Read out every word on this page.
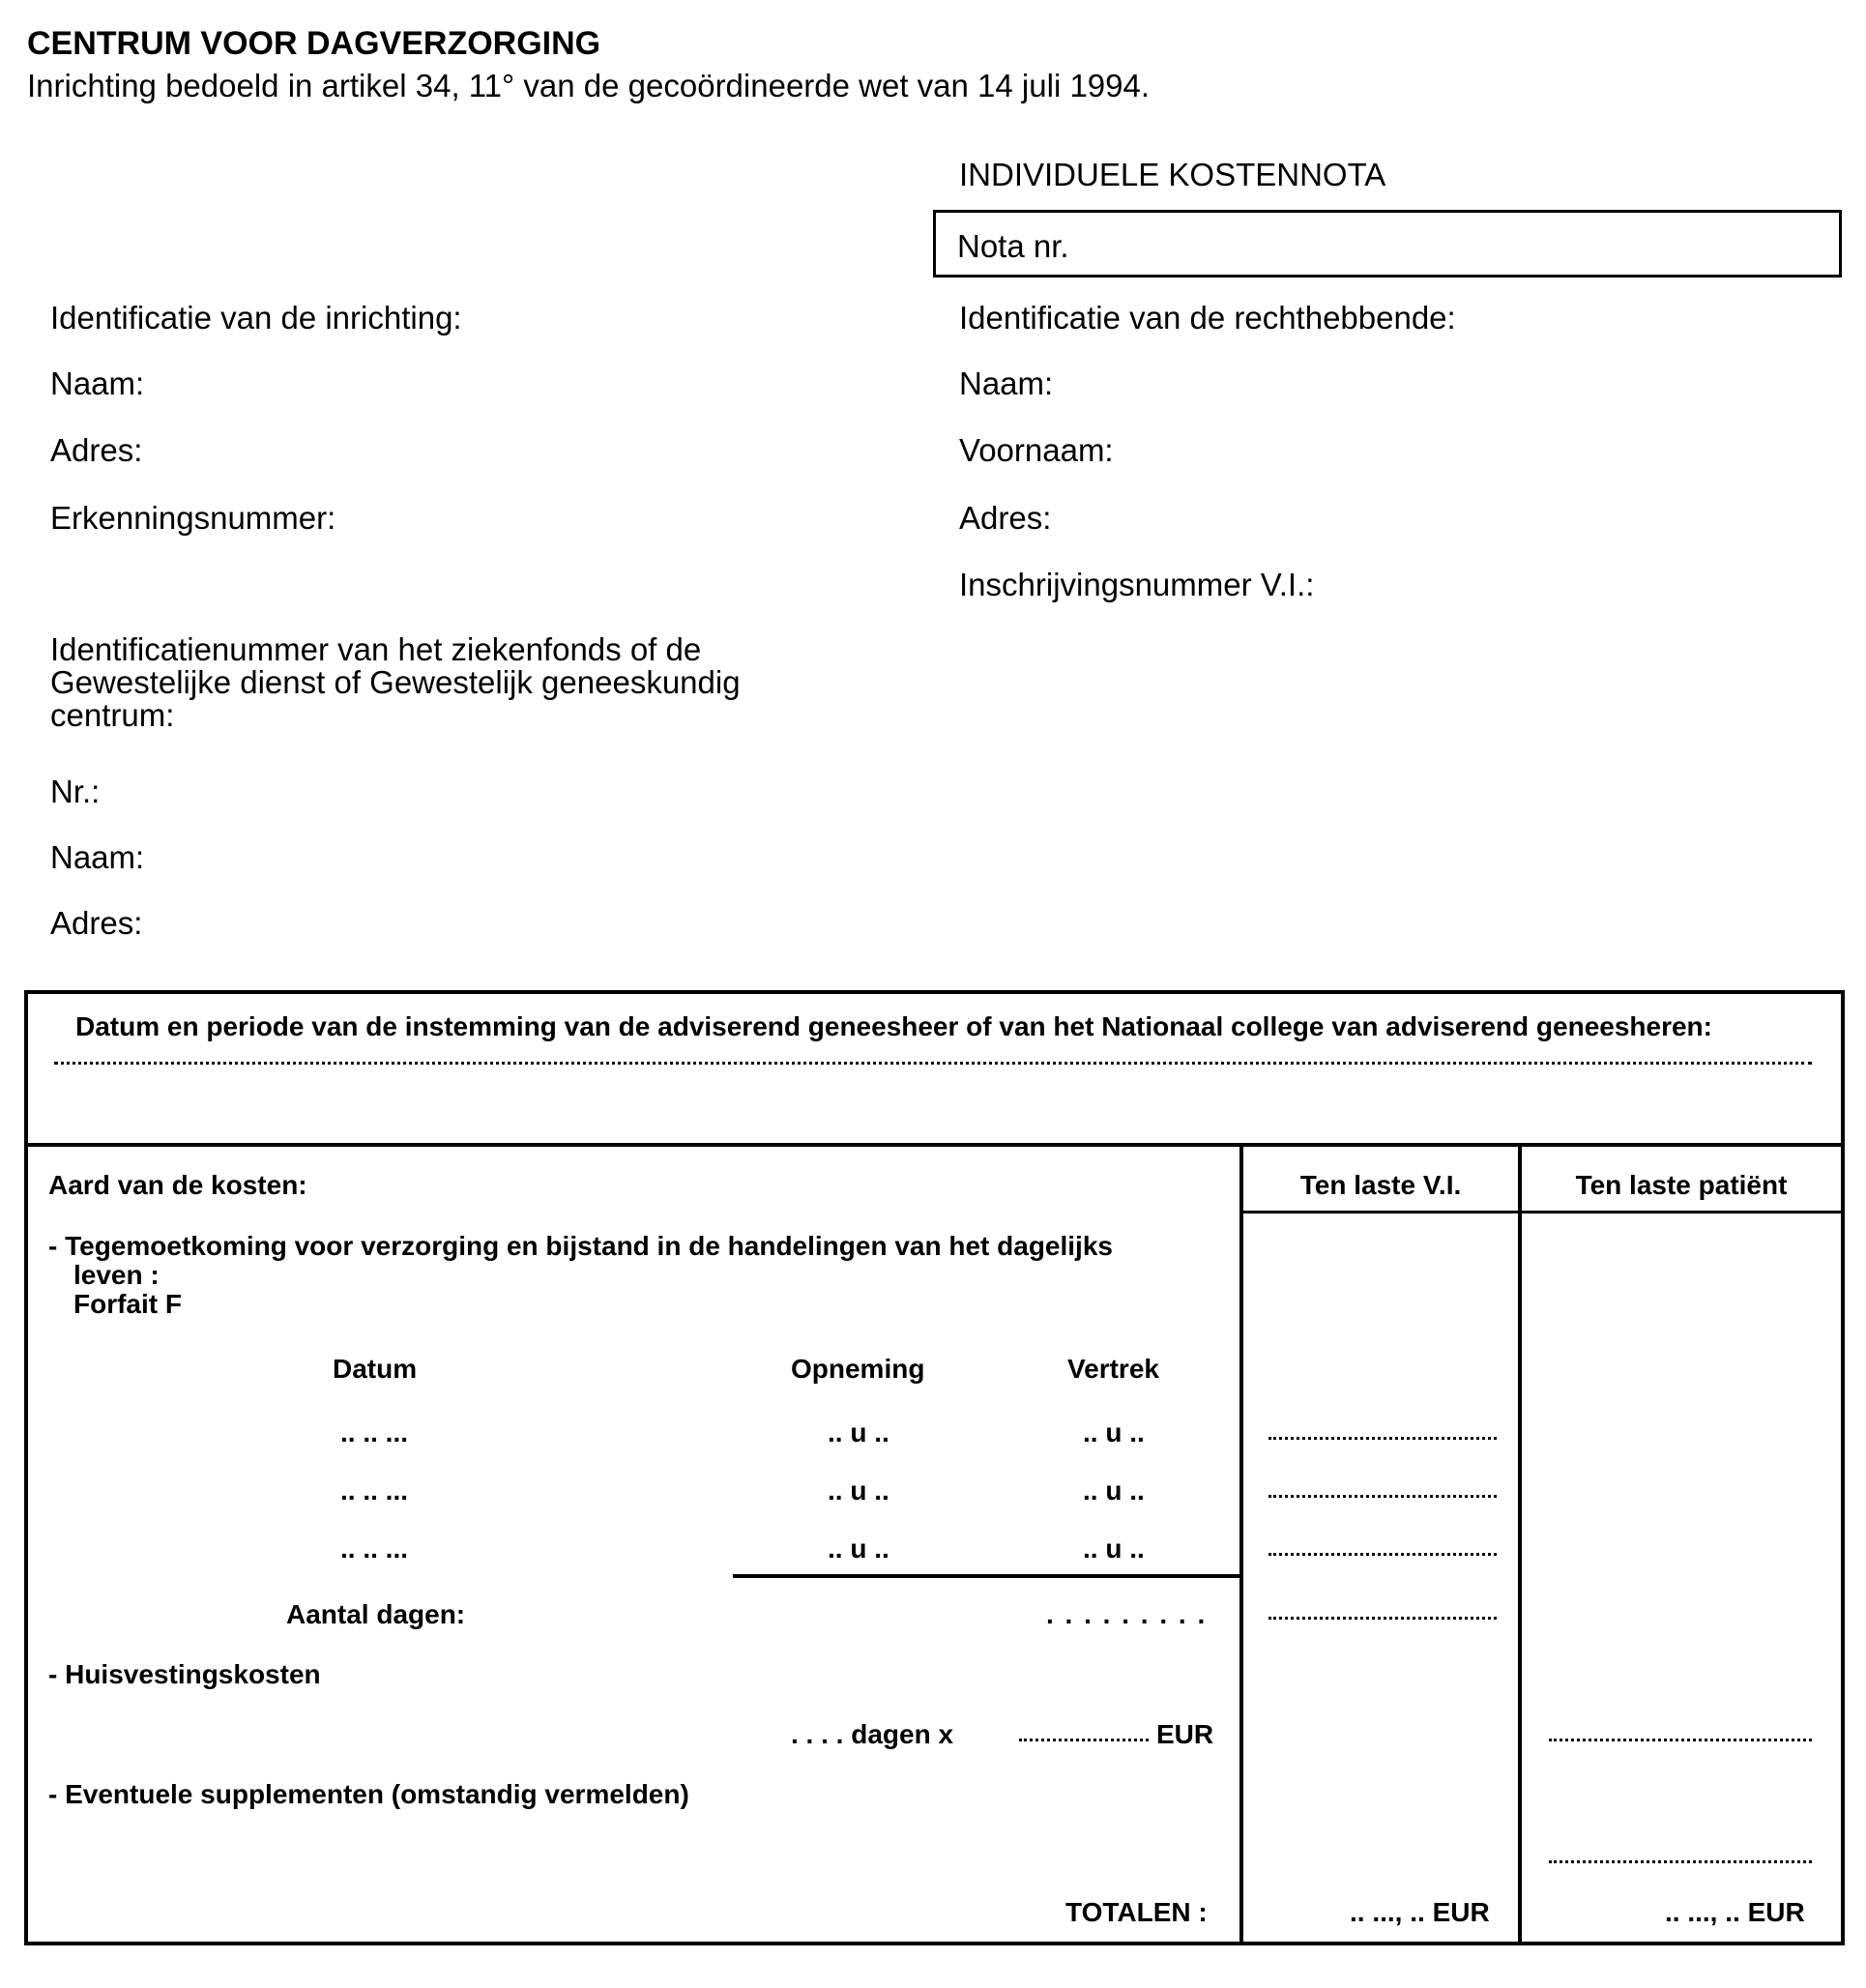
CENTRUM VOOR DAGVERZORGING
Inrichting bedoeld in artikel 34, 11° van de gecoördineerde wet van 14 juli 1994.
INDIVIDUELE KOSTENNOTA
Nota nr.
Identificatie van de inrichting:
Naam:
Adres:
Erkenningsnummer:
Identificatie van de rechthebbende:
Naam:
Voornaam:
Adres:
Inschrijvingsnummer V.I.:
Identificatienummer van het ziekenfonds of de
Gewestelijke dienst of Gewestelijk geneeskundig
centrum:
Nr.:
Naam:
Adres:
Datum en periode van de instemming van de adviserend geneesheer of van het Nationaal college van adviserend geneesheren:
Aard van de kosten:	Ten laste V.I.	Ten laste patiënt
- Tegemoetkoming voor verzorging en bijstand in de handelingen van het dagelijks
leven :
Forfait F
Datum	Opneming	Vertrek
.. .. ...	.. u ..	.. u ..
.. .. ...	.. u ..	.. u ..
.. .. ...	.. u ..	.. u ..
Aantal dagen:	. . . . . . . . .
- Huisvestingskosten
. . . . dagen x	EUR
- Eventuele supplementen (omstandig vermelden)
TOTALEN :	.. ..., .. EUR	.. ..., .. EUR
